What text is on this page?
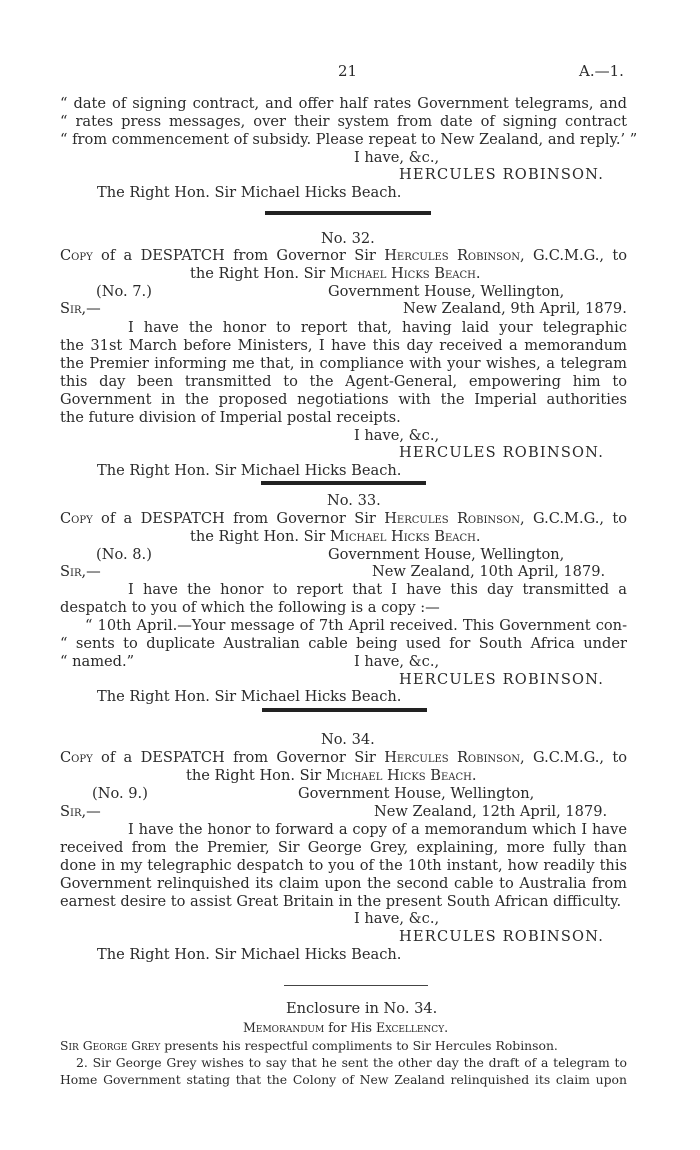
21	A.—1.
“ date of signing contract, and offer half rates Government telegrams, and
“ rates press messages, over their system from date of signing contract
“ from commencement of subsidy. Please repeat to New Zealand, and reply.’ ”
I have, &c.,
HERCULES ROBINSON.
The Right Hon. Sir Michael Hicks Beach.
No. 32.
Copy of a DESPATCH from Governor Sir Hercules Robinson, G.C.M.G., to
the Right Hon. Sir Michael Hicks Beach.
(No. 7.)	Government House, Wellington,
Sir,—	New Zealand, 9th April, 1879.
I have the honor to report that, having laid your telegraphic
the 31st March before Ministers, I have this day received a memorandum
the Premier informing me that, in compliance with your wishes, a telegram
this day been transmitted to the Agent-General, empowering him to
Government in the proposed negotiations with the Imperial authorities
the future division of Imperial postal receipts.
I have, &c.,
HERCULES ROBINSON.
The Right Hon. Sir Michael Hicks Beach.
No. 33.
Copy of a DESPATCH from Governor Sir Hercules Robinson, G.C.M.G., to
the Right Hon. Sir Michael Hicks Beach.
(No. 8.)	Government House, Wellington,
Sir,—	New Zealand, 10th April, 1879.
I have the honor to report that I have this day transmitted a
despatch to you of which the following is a copy :—
“ 10th April.—Your message of 7th April received. This Government con-
“ sents to duplicate Australian cable being used for South Africa under
“ named.”	I have, &c.,
HERCULES ROBINSON.
The Right Hon. Sir Michael Hicks Beach.
No. 34.
Copy of a DESPATCH from Governor Sir Hercules Robinson, G.C.M.G., to
the Right Hon. Sir Michael Hicks Beach.
(No. 9.)	Government House, Wellington,
Sir,—	New Zealand, 12th April, 1879.
I have the honor to forward a copy of a memorandum which I have
received from the Premier, Sir George Grey, explaining, more fully than
done in my telegraphic despatch to you of the 10th instant, how readily this
Government relinquished its claim upon the second cable to Australia from
earnest desire to assist Great Britain in the present South African difficulty.
I have, &c.,
HERCULES ROBINSON.
The Right Hon. Sir Michael Hicks Beach.
Enclosure in No. 34.
Memorandum for His Excellency.
Sir George Grey presents his respectful compliments to Sir Hercules Robinson.
2. Sir George Grey wishes to say that he sent the other day the draft of a telegram to
Home Government stating that the Colony of New Zealand relinquished its claim upon
